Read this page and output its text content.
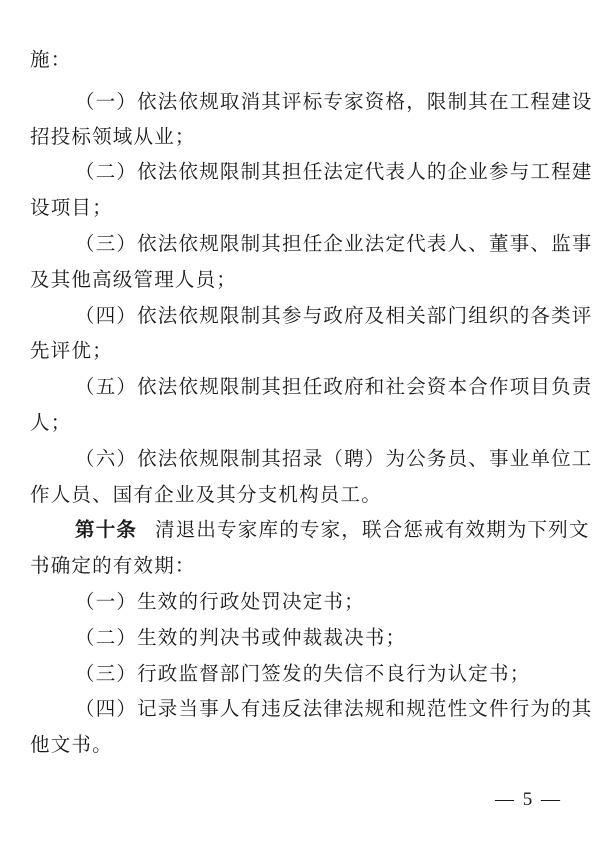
施：
（一）依法依规取消其评标专家资格，限制其在工程建设
招投标领域从业；
（二）依法依规限制其担任法定代表人的企业参与工程建
设项目；
（三）依法依规限制其担任企业法定代表人、董事、监事
及其他高级管理人员；
（四）依法依规限制其参与政府及相关部门组织的各类评
先评优；
（五）依法依规限制其担任政府和社会资本合作项目负责
人；
（六）依法依规限制其招录（聘）为公务员、事业单位工
作人员、国有企业及其分支机构员工。
第十条 清退出专家库的专家，联合惩戒有效期为下列文
书确定的有效期：
（一）生效的行政处罚决定书；
（二）生效的判决书或仲裁裁决书；
（三）行政监督部门签发的失信不良行为认定书；
（四）记录当事人有违反法律法规和规范性文件行为的其
他文书。
— 5 —
